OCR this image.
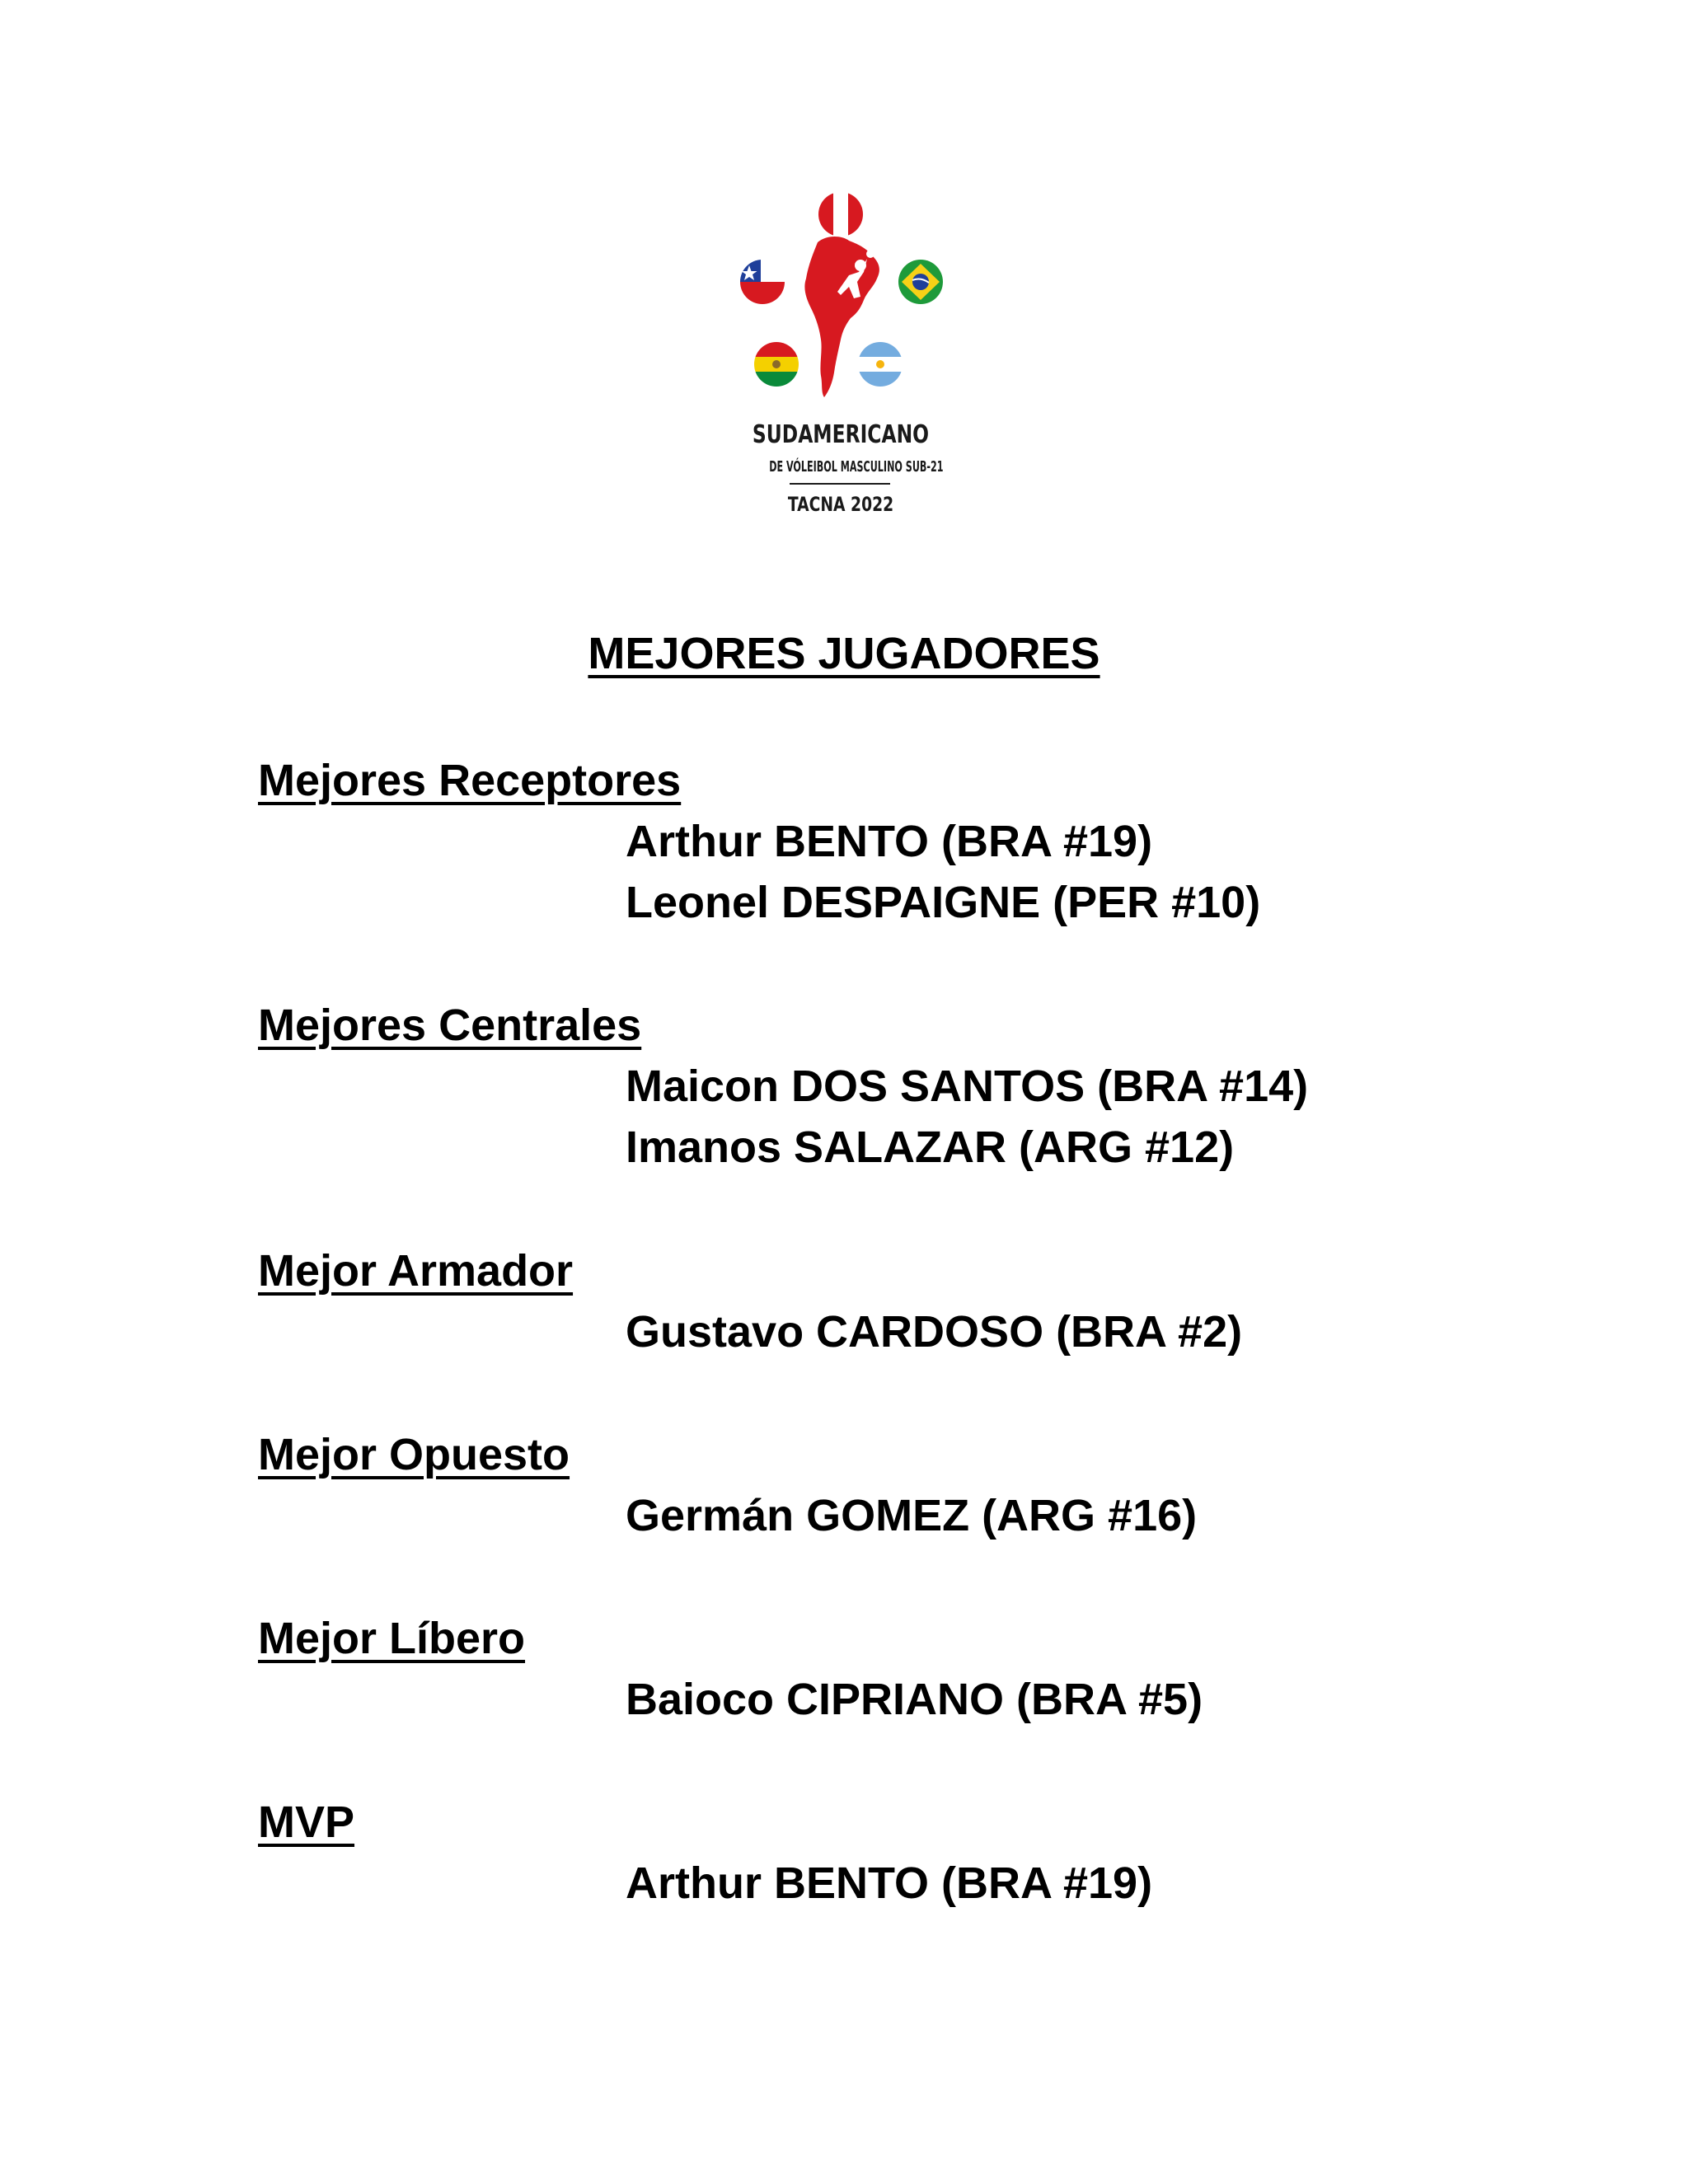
SUDAMERICANO
DE VÓLEIBOL MASCULINO SUB-21
TACNA 2022
MEJORES JUGADORES
Mejores Receptores
Arthur BENTO (BRA #19)
Leonel DESPAIGNE (PER #10)
Mejores Centrales
Maicon DOS SANTOS (BRA #14)
Imanos SALAZAR (ARG #12)
Mejor Armador
Gustavo CARDOSO (BRA #2)
Mejor Opuesto
Germán GOMEZ (ARG #16)
Mejor Líbero
Baioco CIPRIANO (BRA #5)
MVP
Arthur BENTO (BRA #19)
